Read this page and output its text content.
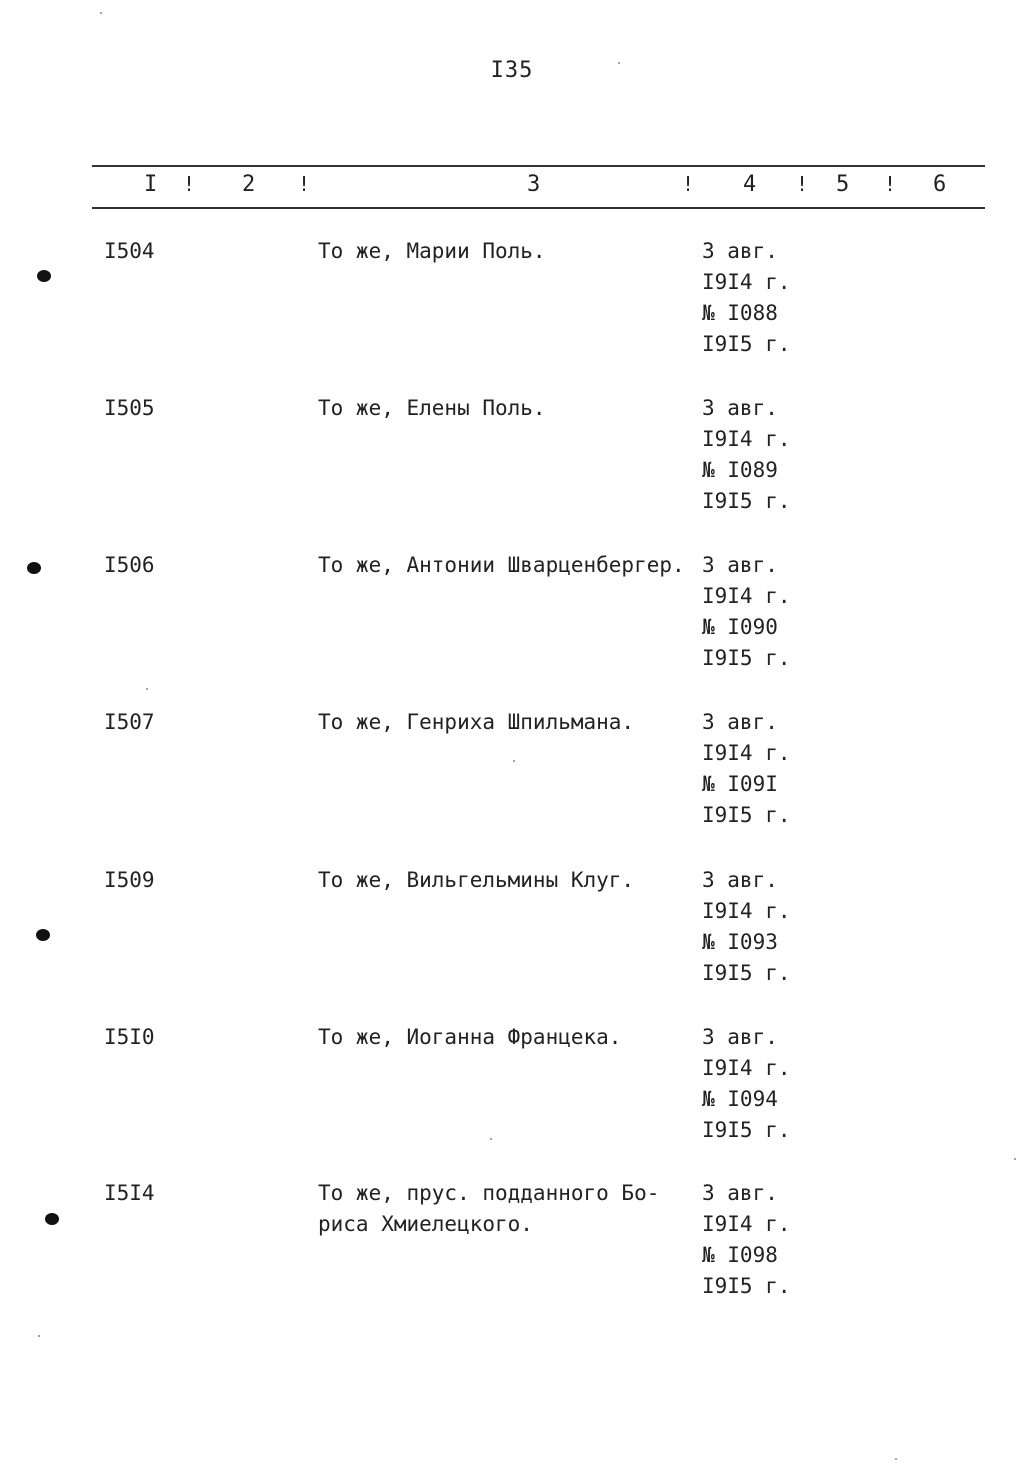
I35
I ! 2 !	3	! 4 ! 5 ! 6
I504	То же, Марии Поль.	3 авг.
I9I4 г.
№ I088
I9I5 г.
I505	То же, Елены Поль.	3 авг.
I9I4 г.
№ I089
I9I5 г.
I506	То же, Антонии Шварценбергер. 3 авг.
I9I4 г.
№ I090
I9I5 г.
I507	То же, Генриха Шпильмана.	3 авг.
I9I4 г.
№ I09I
I9I5 г.
I509	То же, Вильгельмины Клуг.	3 авг.
I9I4 г.
№ I093
I9I5 г.
I5I0	То же, Иоганна Францека.	3 авг.
I9I4 г.
№ I094
I9I5 г.
I5I4	То же, прус. подданного Бо-
риса Хмиелецкого.
3 авг.
I9I4 г.
№ I098
I9I5 г.
